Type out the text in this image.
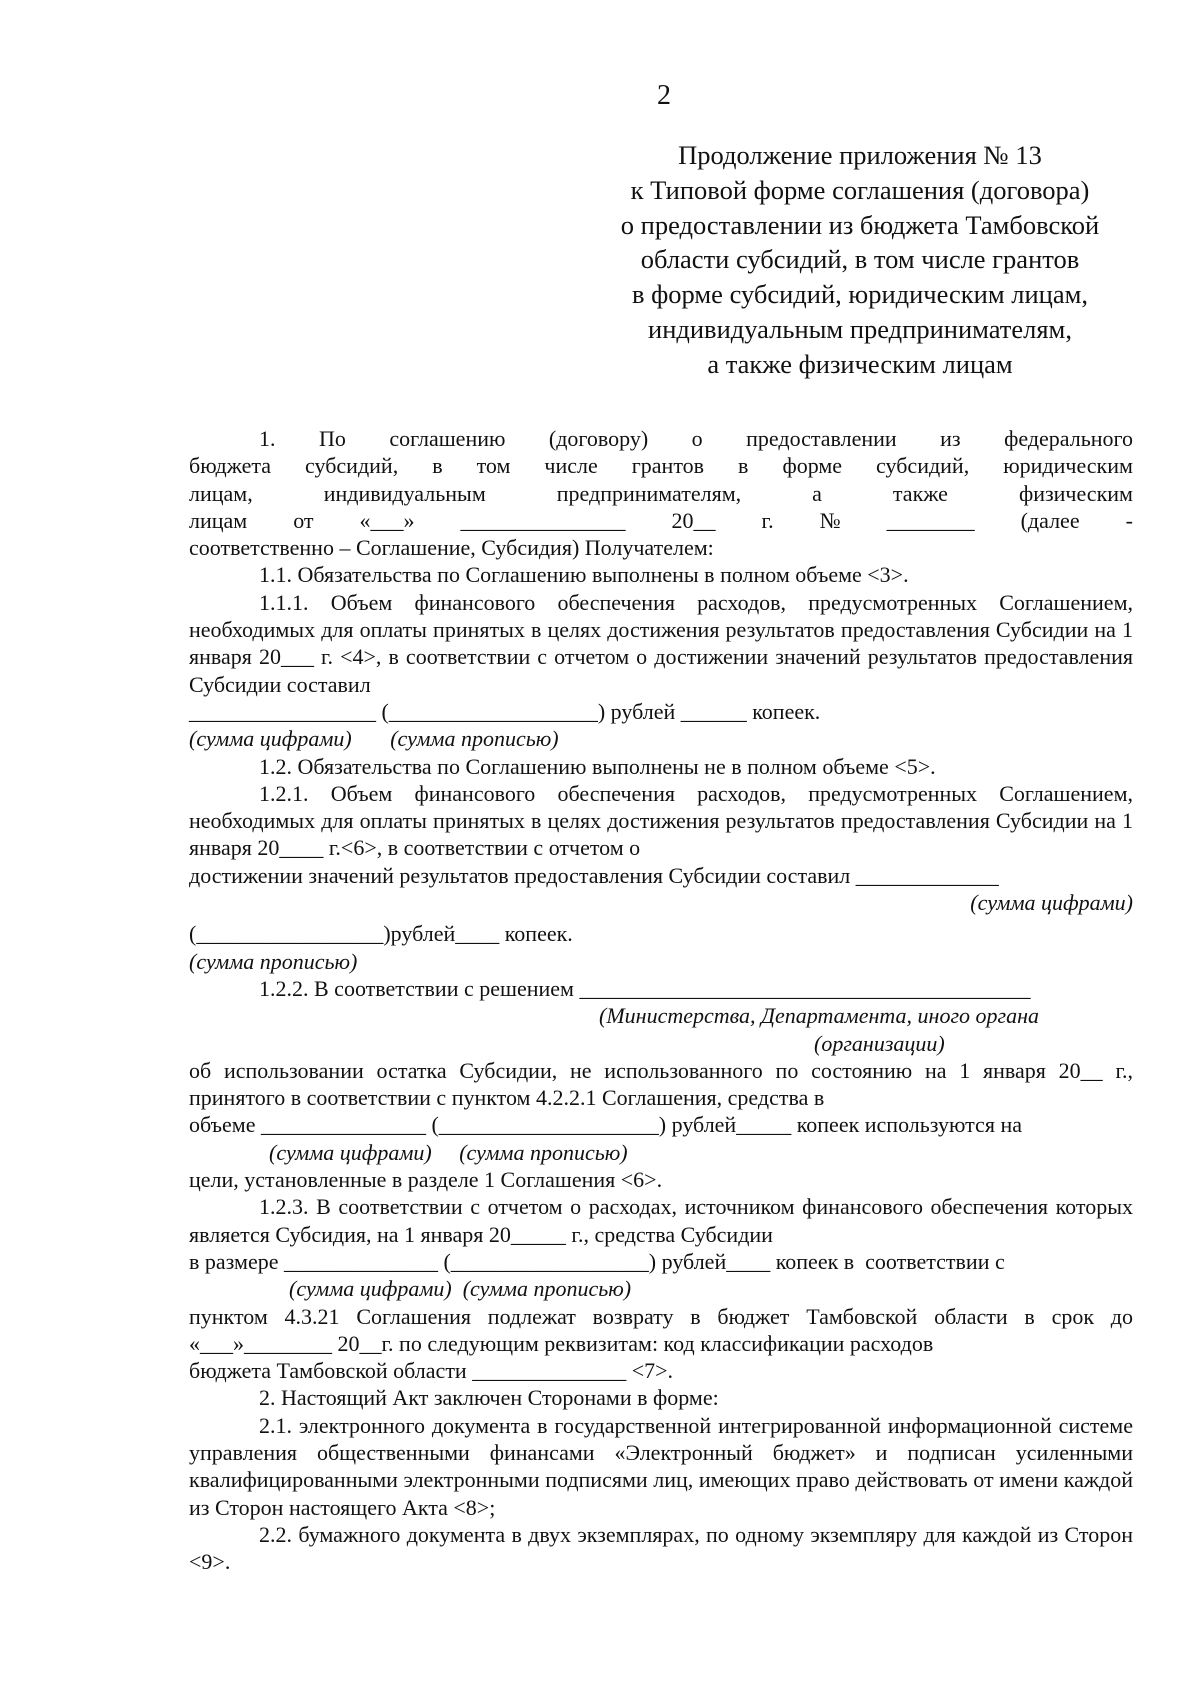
2
Продолжение приложения № 13
к Типовой форме соглашения (договора)
о предоставлении из бюджета Тамбовской
области субсидий, в том числе грантов
в форме субсидий, юридическим лицам,
индивидуальным предпринимателям,
а также физическим лицам
1. По соглашению (договору) о предоставлении из федерального
бюджета субсидий, в том числе грантов в форме субсидий, юридическим
лицам,	индивидуальным	предпринимателям,	а	также	физическим
лицам от «___» _______________ 20__ г. № ________ (далее -

соответственно – Соглашение, Субсидия) Получателем:

1.1. Обязательства по Соглашению выполнены в полном объеме <3>.

1.1.1. Объем финансового обеспечения расходов, предусмотренных Соглашением, необходимых для оплаты принятых в целях достижения результатов предоставления Субсидии на 1 января 20___ г. <4>, в соответствии с отчетом о достижении значений результатов предоставления Субсидии составил

_________________ (___________________) рублей ______ копеек.

(сумма цифрами)       (сумма прописью)

1.2. Обязательства по Соглашению выполнены не в полном объеме <5>.

1.2.1. Объем финансового обеспечения расходов, предусмотренных Соглашением, необходимых для оплаты принятых в целях достижения результатов предоставления Субсидии на 1 января 20____ г.<6>, в соответствии с отчетом о

достижении значений результатов предоставления Субсидии составил _____________

(сумма цифрами)

(_________________)рублей____ копеек.

(сумма прописью)

1.2.2. В соответствии с решением _________________________________________

(Министерства, Департамента, иного органа
(организации)

об использовании остатка Субсидии, не использованного по состоянию на 1 января 20__ г., принятого в соответствии с пунктом 4.2.2.1 Соглашения, средства в

объеме _______________ (____________________) рублей_____ копеек используются на

(сумма цифрами)     (сумма прописью)

цели, установленные в разделе 1 Соглашения <6>.

1.2.3. В соответствии с отчетом о расходах, источником финансового обеспечения которых является Субсидия, на 1 января 20_____ г., средства Субсидии

в размере ______________ (__________________) рублей____ копеек в  соответствии с

(сумма цифрами)  (сумма прописью)

пунктом 4.3.21 Соглашения подлежат возврату в бюджет Тамбовской области в срок до «___»________ 20__г. по следующим реквизитам: код классификации расходов

бюджета Тамбовской области ______________ <7>.

2. Настоящий Акт заключен Сторонами в форме:

2.1. электронного документа в государственной интегрированной информационной системе управления общественными финансами «Электронный бюджет» и подписан усиленными квалифицированными электронными подписями лиц, имеющих право действовать от имени каждой из Сторон настоящего Акта <8>;

2.2. бумажного документа в двух экземплярах, по одному экземпляру для каждой из Сторон <9>.
